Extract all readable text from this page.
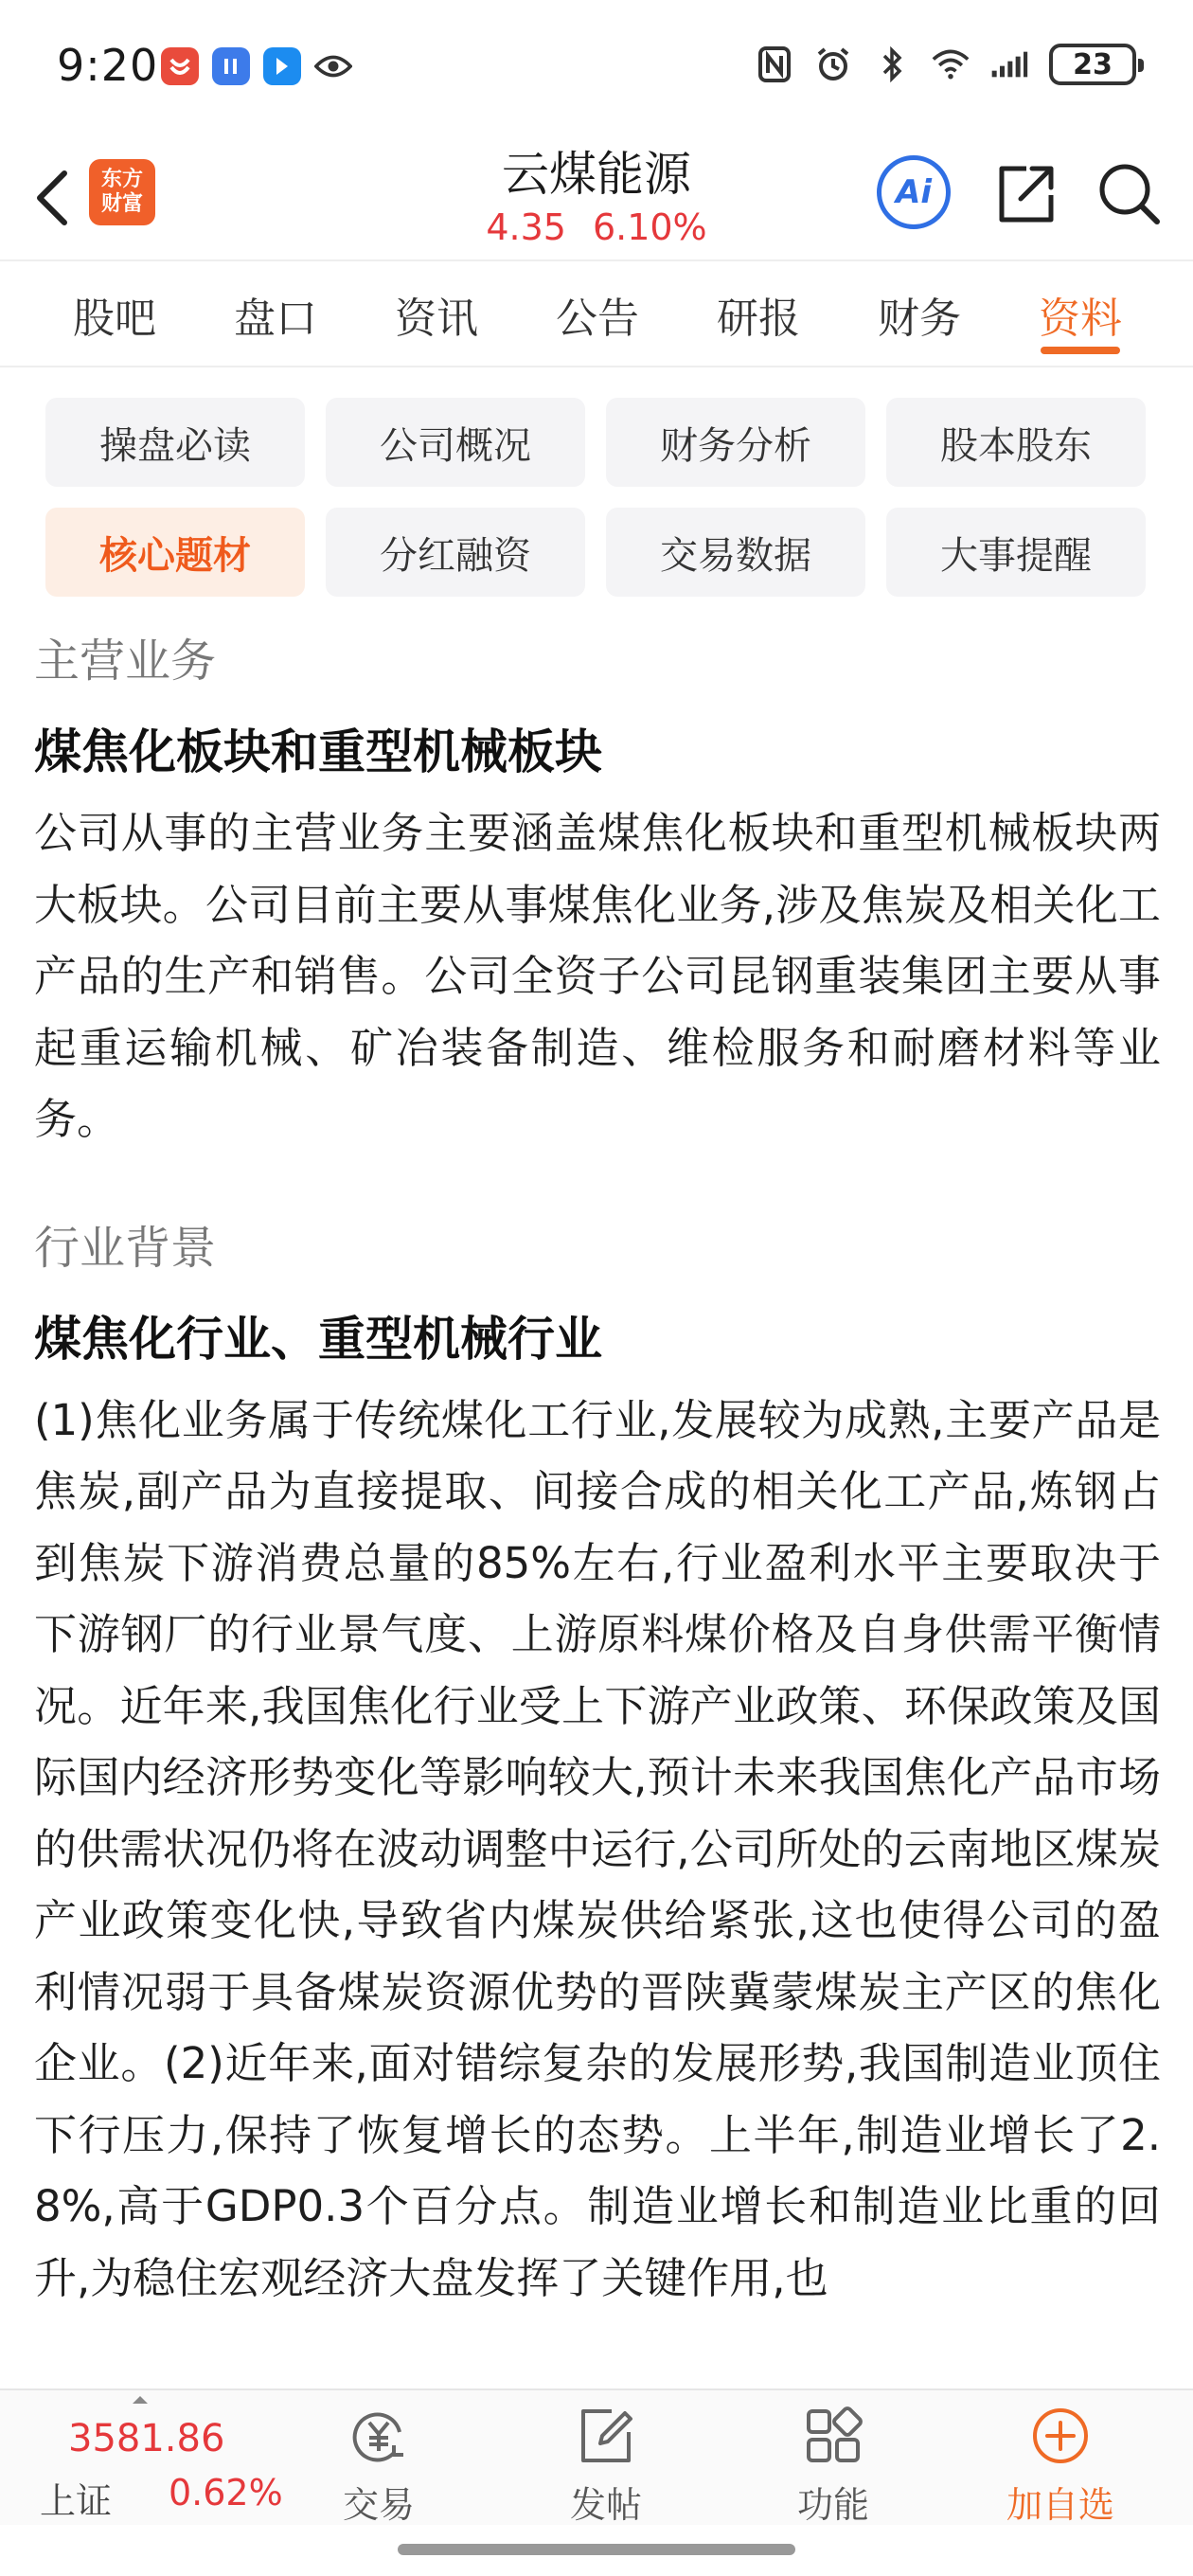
9:20	23
东方
财富
云煤能源
4.35 6.10%
Ai
股吧	盘口	资讯	公告	研报	财务	资料
操盘必读	公司概况	财务分析	股本股东
核心题材	分红融资	交易数据	大事提醒
主营业务
煤焦化板块和重型机械板块
公司从事的主营业务主要涵盖煤焦化板块和重型机械板块两大板块。公司目前主要从事煤焦化业务,涉及焦炭及相关化工产品的生产和销售。公司全资子公司昆钢重装集团主要从事起重运输机械、矿冶装备制造、维检服务和耐磨材料等业务。
行业背景
煤焦化行业、重型机械行业
(1)焦化业务属于传统煤化工行业,发展较为成熟,主要产品是焦炭,副产品为直接提取、间接合成的相关化工产品,炼钢占到焦炭下游消费总量的85%左右,行业盈利水平主要取决于下游钢厂的行业景气度、上游原料煤价格及自身供需平衡情况。近年来,我国焦化行业受上下游产业政策、环保政策及国际国内经济形势变化等影响较大,预计未来我国焦化产品市场的供需状况仍将在波动调整中运行,公司所处的云南地区煤炭产业政策变化快,导致省内煤炭供给紧张,这也使得公司的盈利情况弱于具备煤炭资源优势的晋陕冀蒙煤炭主产区的焦化企业。(2)近年来,面对错综复杂的发展形势,我国制造业顶住下行压力,保持了恢复增长的态势。上半年,制造业增长了2.8%,高于GDP0.3个百分点。制造业增长和制造业比重的回升,为稳住宏观经济大盘发挥了关键作用,也
3581.86
上证 0.62% 交易	发帖	功能	加自选
